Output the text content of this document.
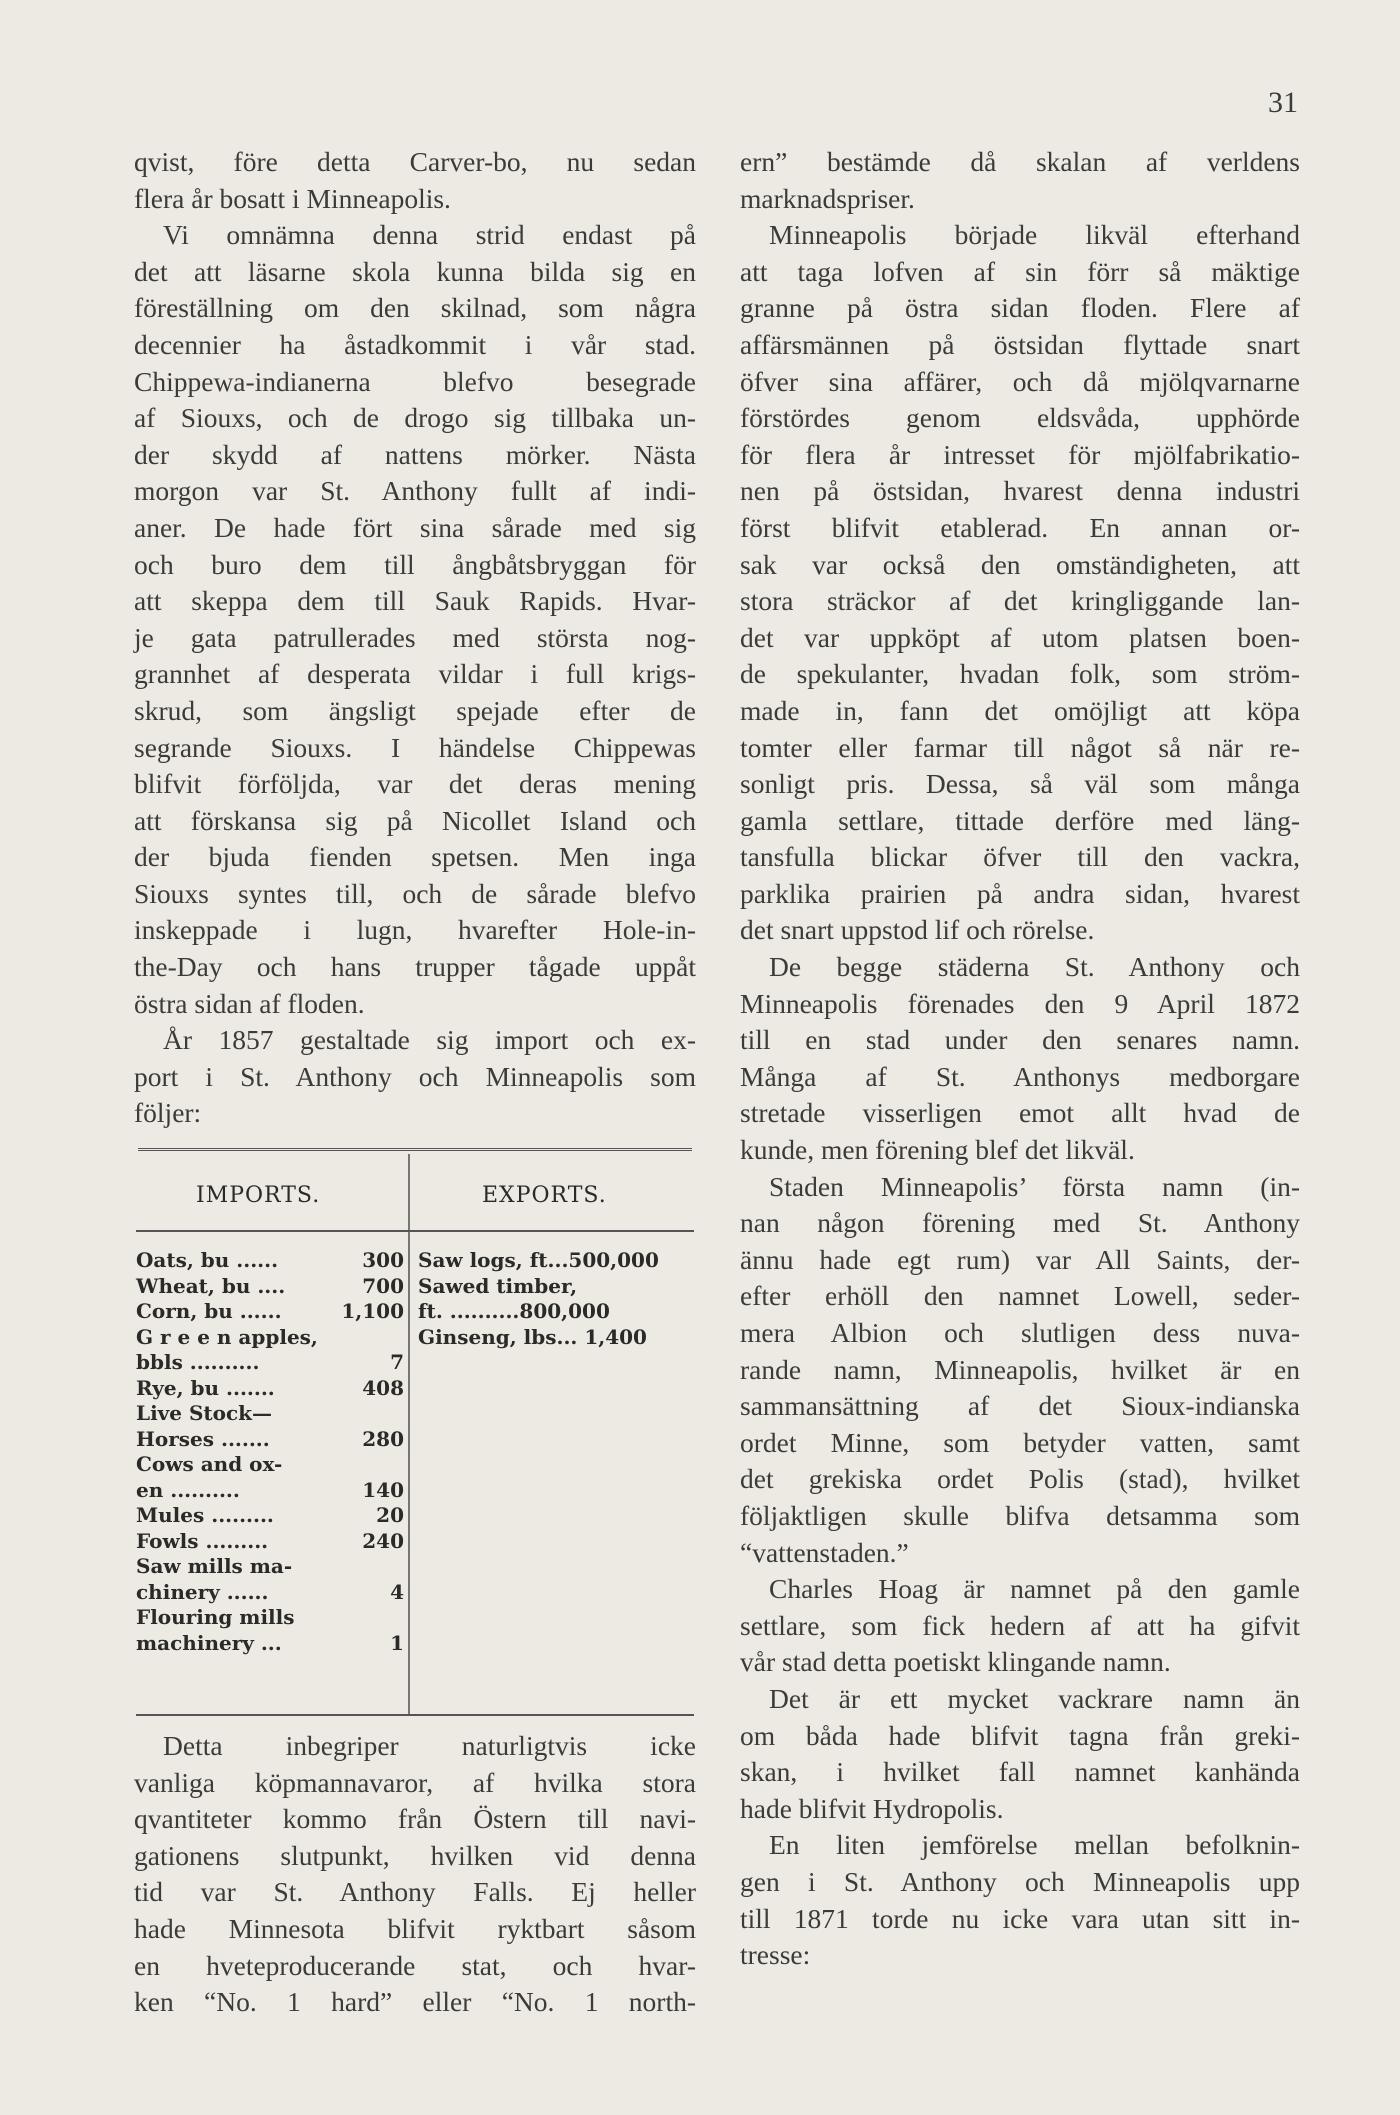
31
qvist, före detta Carver-bo, nu sedan
flera år bosatt i Minneapolis.
Vi omnämna denna strid endast på
det att läsarne skola kunna bilda sig en
föreställning om den skilnad, som några
decennier ha åstadkommit i vår stad.
Chippewa-indianerna blefvo besegrade
af Siouxs, och de drogo sig tillbaka un-
der skydd af nattens mörker. Nästa
morgon var St. Anthony fullt af indi-
aner. De hade fört sina sårade med sig
och buro dem till ångbåtsbryggan för
att skeppa dem till Sauk Rapids. Hvar-
je gata patrullerades med största nog-
grannhet af desperata vildar i full krigs-
skrud, som ängsligt spejade efter de
segrande Siouxs. I händelse Chippewas
blifvit förföljda, var det deras mening
att förskansa sig på Nicollet Island och
der bjuda fienden spetsen. Men inga
Siouxs syntes till, och de sårade blefvo
inskeppade i lugn, hvarefter Hole-in-
the-Day och hans trupper tågade uppåt
östra sidan af floden.
År 1857 gestaltade sig import och ex-
port i St. Anthony och Minneapolis som
följer:
IMPORTS.	EXPORTS.
Oats, bu ......	300
Wheat, bu ....	700
Corn, bu ......	1,100
G r e e n apples,
bbls ..........	7
Rye, bu .......	408
Live Stock—
Horses .......	280
Cows and ox-
en ..........	140
Mules .........	20
Fowls .........	240
Saw mills ma-
chinery ......	4
Flouring mills
machinery ...	1
Saw logs, ft...500,000
Sawed timber,
ft. ..........800,000
Ginseng, lbs... 1,400
Detta inbegriper naturligtvis icke
vanliga köpmannavaror, af hvilka stora
qvantiteter kommo från Östern till navi-
gationens slutpunkt, hvilken vid denna
tid var St. Anthony Falls. Ej heller
hade Minnesota blifvit ryktbart såsom
en hveteproducerande stat, och hvar-
ken “No. 1 hard” eller “No. 1 north-
ern” bestämde då skalan af verldens
marknadspriser.
Minneapolis började likväl efterhand
att taga lofven af sin förr så mäktige
granne på östra sidan floden. Flere af
affärsmännen på östsidan flyttade snart
öfver sina affärer, och då mjölqvarnarne
förstördes genom eldsvåda, upphörde
för flera år intresset för mjölfabrikatio-
nen på östsidan, hvarest denna industri
först blifvit etablerad. En annan or-
sak var också den omständigheten, att
stora sträckor af det kringliggande lan-
det var uppköpt af utom platsen boen-
de spekulanter, hvadan folk, som ström-
made in, fann det omöjligt att köpa
tomter eller farmar till något så när re-
sonligt pris. Dessa, så väl som många
gamla settlare, tittade derföre med läng-
tansfulla blickar öfver till den vackra,
parklika prairien på andra sidan, hvarest
det snart uppstod lif och rörelse.
De begge städerna St. Anthony och
Minneapolis förenades den 9 April 1872
till en stad under den senares namn.
Många af St. Anthonys medborgare
stretade visserligen emot allt hvad de
kunde, men förening blef det likväl.
Staden Minneapolis’ första namn (in-
nan någon förening med St. Anthony
ännu hade egt rum) var All Saints, der-
efter erhöll den namnet Lowell, seder-
mera Albion och slutligen dess nuva-
rande namn, Minneapolis, hvilket är en
sammansättning af det Sioux-indianska
ordet Minne, som betyder vatten, samt
det grekiska ordet Polis (stad), hvilket
följaktligen skulle blifva detsamma som
“vattenstaden.”
Charles Hoag är namnet på den gamle
settlare, som fick hedern af att ha gifvit
vår stad detta poetiskt klingande namn.
Det är ett mycket vackrare namn än
om båda hade blifvit tagna från greki-
skan, i hvilket fall namnet kanhända
hade blifvit Hydropolis.
En liten jemförelse mellan befolknin-
gen i St. Anthony och Minneapolis upp
till 1871 torde nu icke vara utan sitt in-
tresse:
